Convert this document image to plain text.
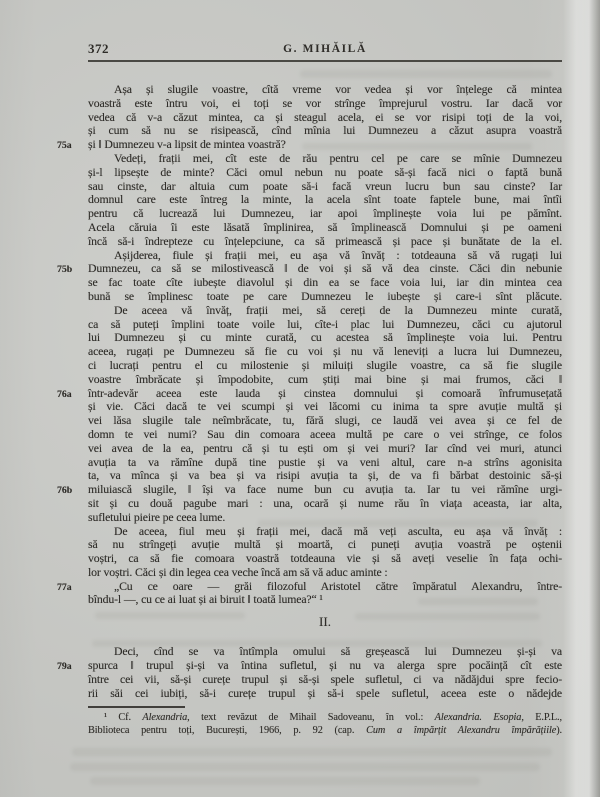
372	G. MIHĂILĂ
Așa și slugile voastre, cîtă vreme vor vedea și vor înțelege că mintea
voastră este întru voi, ei toți se vor strînge împrejurul vostru. Iar dacă vor
vedea că v-a căzut mintea, ca și steagul acela, ei se vor risipi toți de la voi,
și cum să nu se risipească, cînd mînia lui Dumnezeu a căzut asupra voastră
75a	și ‖ Dumnezeu v-a lipsit de mintea voastră?
Vedeți, frații mei, cît este de rău pentru cel pe care se mînie Dumnezeu
și-l lipsește de minte? Căci omul nebun nu poate să-și facă nici o faptă bună
sau cinste, dar altuia cum poate să-i facă vreun lucru bun sau cinste? Iar
domnul care este întreg la minte, la acela sînt toate faptele bune, mai întîi
pentru că lucrează lui Dumnezeu, iar apoi împlinește voia lui pe pămînt.
Acela căruia îi este lăsată împlinirea, să împlinească Domnului și pe oameni
încă să-i îndrepteze cu înțelepciune, ca să primească și pace și bunătate de la el.
Așijderea, fiule și frații mei, eu așa vă învăț : totdeauna să vă rugați lui
75b	Dumnezeu, ca să se milostivească ‖ de voi și să vă dea cinste. Căci din nebunie
se fac toate cîte iubește diavolul și din ea se face voia lui, iar din mintea cea
bună se împlinesc toate pe care Dumnezeu le iubește și care-i sînt plăcute.
De aceea vă învăț, frații mei, să cereți de la Dumnezeu minte curată,
ca să puteți împlini toate voile lui, cîte-i plac lui Dumnezeu, căci cu ajutorul
lui Dumnezeu și cu minte curată, cu acestea să împlinește voia lui. Pentru
aceea, rugați pe Dumnezeu să fie cu voi și nu vă leneviți a lucra lui Dumnezeu,
ci lucrați pentru el cu milostenie și miluiți slugile voastre, ca să fie slugile
voastre îmbrăcate și împodobite, cum știți mai bine și mai frumos, căci ‖
76a	într-adevăr aceea este lauda și cinstea domnului și comoară înfrumusețată
și vie. Căci dacă te vei scumpi și vei lăcomi cu inima ta spre avuție multă și
vei lăsa slugile tale neîmbrăcate, tu, fără slugi, ce laudă vei avea și ce fel de
domn te vei numi? Sau din comoara aceea multă pe care o vei strînge, ce folos
vei avea de la ea, pentru că și tu ești om și vei muri? Iar cînd vei muri, atunci
avuția ta va rămîne după tine pustie și va veni altul, care n-a strîns agonisita
ta, va mînca și va bea și va risipi avuția ta și, de va fi bărbat destoinic să-și
76b	miluiască slugile, ‖ își va face nume bun cu avuția ta. Iar tu vei rămîne urgi-
sit și cu două pagube mari : una, ocară și nume rău în viața aceasta, iar alta,
sufletului pieire pe ceea lume.
De aceea, fiul meu și frații mei, dacă mă veți asculta, eu așa vă învăț :
să nu strîngeți avuție multă și moartă, ci puneți avuția voastră pe oștenii
voștri, ca să fie comoara voastră totdeauna vie și să aveți veselie în fața ochi-
lor voștri. Căci și din legea cea veche încă am să vă aduc aminte :
77a	„Cu ce oare — grăi filozoful Aristotel către împăratul Alexandru, între-
bîndu-l —, cu ce ai luat și ai biruit ‖ toată lumea?“ ¹
II.
Deci, cînd se va întîmpla omului să greșească lui Dumnezeu și-și va
79a	spurca ‖ trupul și-și va întina sufletul, și nu va alerga spre pocăință cît este
între cei vii, să-și curețe trupul și să-și spele sufletul, ci va nădăjdui spre fecio-
rii săi cei iubiți, să-i curețe trupul și să-i spele sufletul, aceea este o nădejde
¹ Cf. Alexandria, text revăzut de Mihail Sadoveanu, în vol.: Alexandria. Esopia, E.P.L.,
Biblioteca pentru toți, București, 1966, p. 92 (cap. Cum a împărțit Alexandru împărățiile).
